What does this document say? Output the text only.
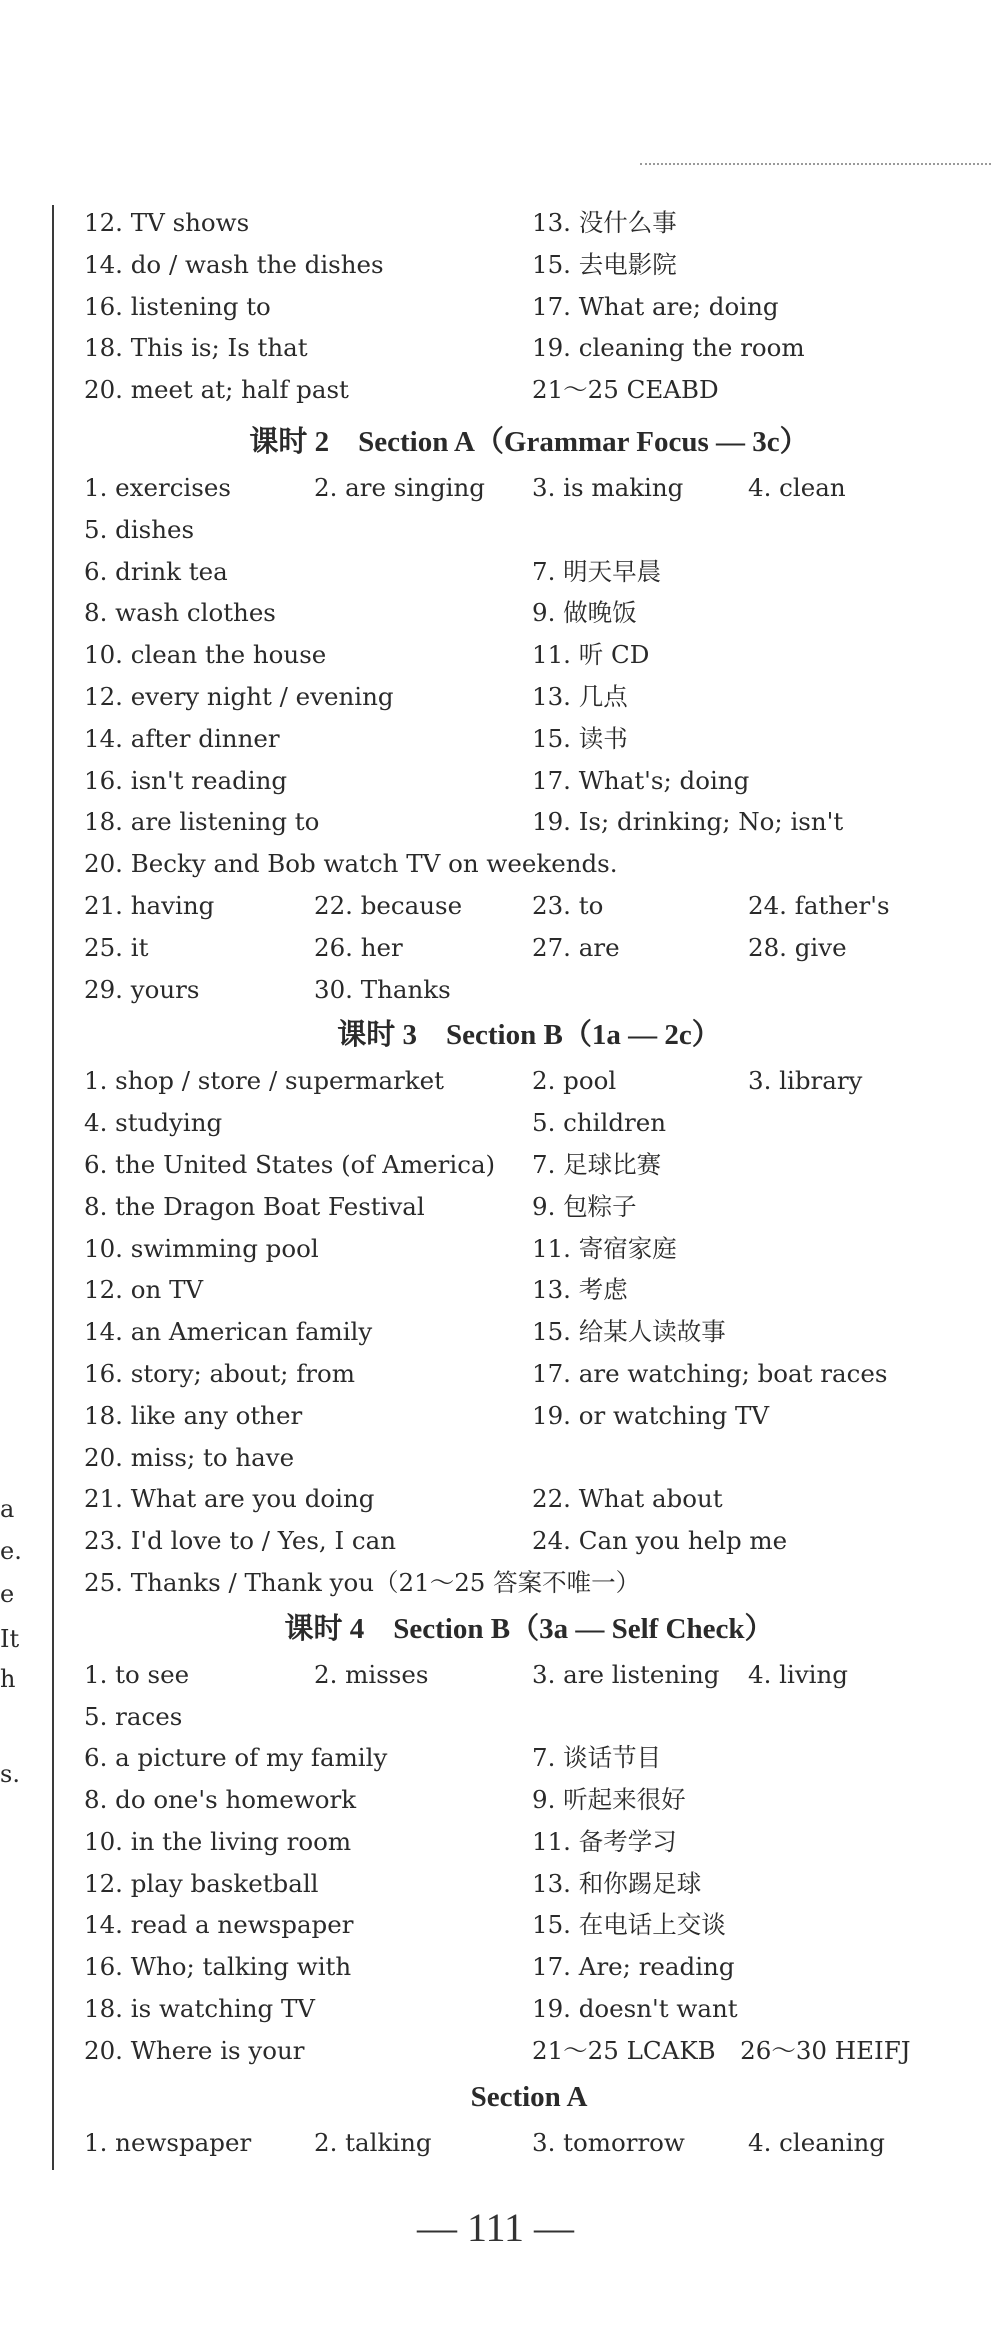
a
e.
e
It
h
s.
12. TV shows	13. 没什么事
14. do / wash the dishes	15. 去电影院
16. listening to	17. What are; doing
18. This is; Is that	19. cleaning the room
20. meet at; half past	21～25 CEABD
课时 2　Section A（Grammar Focus — 3c）
1. exercises	2. are singing 3. is making	4. clean
5. dishes
6. drink tea	7. 明天早晨
8. wash clothes	9. 做晚饭
10. clean the house	11. 听 CD
12. every night / evening	13. 几点
14. after dinner	15. 读书
16. isn't reading	17. What's; doing
18. are listening to	19. Is; drinking; No; isn't
20. Becky and Bob watch TV on weekends.
21. having	22. because	23. to	24. father's
25. it	26. her	27. are	28. give
29. yours	30. Thanks
课时 3　Section B（1a — 2c）
1. shop / store / supermarket	2. pool	3. library
4. studying	5. children
6. the United States (of America) 7. 足球比赛
8. the Dragon Boat Festival	9. 包粽子
10. swimming pool	11. 寄宿家庭
12. on TV	13. 考虑
14. an American family	15. 给某人读故事
16. story; about; from	17. are watching; boat races
18. like any other	19. or watching TV
20. miss; to have
21. What are you doing	22. What about
23. I'd love to / Yes, I can	24. Can you help me
25. Thanks / Thank you（21～25 答案不唯一）
课时 4　Section B（3a — Self Check）
1. to see	2. misses	3. are listening 4. living
5. races
6. a picture of my family	7. 谈话节目
8. do one's homework	9. 听起来很好
10. in the living room	11. 备考学习
12. play basketball	13. 和你踢足球
14. read a newspaper	15. 在电话上交谈
16. Who; talking with	17. Are; reading
18. is watching TV	19. doesn't want
20. Where is your	21～25 LCAKB　26～30 HEIFJ
Section A
1. newspaper	2. talking	3. tomorrow	4. cleaning
— 111 —
